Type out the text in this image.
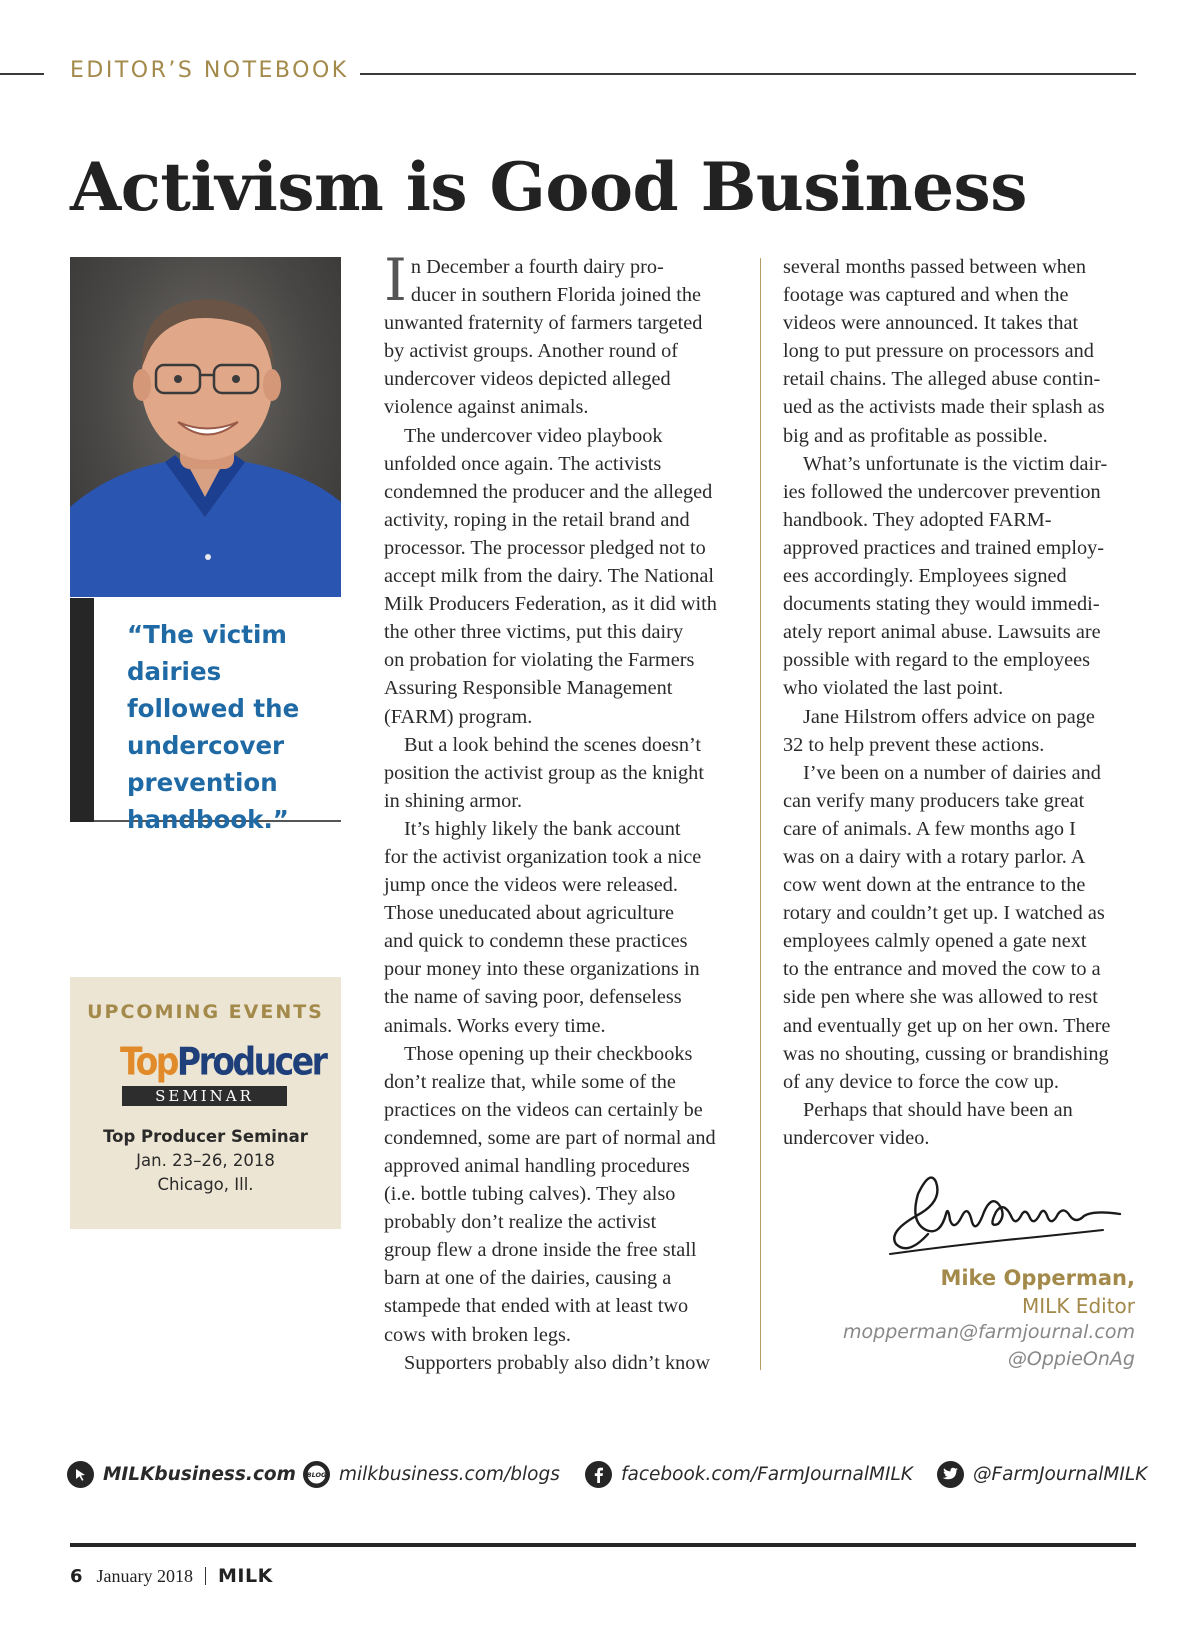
EDITOR’S NOTEBOOK
Activism is Good Business
“The victim dairies followed the undercover prevention handbook.”
UPCOMING EVENTS
TopProducer
SEMINAR
Top Producer Seminar
Jan. 23–26, 2018
Chicago, Ill.
I n December a fourth dairy pro-

ducer in southern Florida joined the

unwanted fraternity of farmers targeted

by activist groups. Another round of

undercover videos depicted alleged

violence against animals.

The undercover video playbook

unfolded once again. The activists

condemned the producer and the alleged

activity, roping in the retail brand and

processor. The processor pledged not to

accept milk from the dairy. The National

Milk Producers Federation, as it did with

the other three victims, put this dairy

on probation for violating the Farmers

Assuring Responsible Management

(FARM) program.

But a look behind the scenes doesn’t

position the activist group as the knight

in shining armor.

It’s highly likely the bank account

for the activist organization took a nice

jump once the videos were released.

Those uneducated about agriculture

and quick to condemn these practices

pour money into these organizations in

the name of saving poor, defenseless

animals. Works every time.

Those opening up their checkbooks

don’t realize that, while some of the

practices on the videos can certainly be

condemned, some are part of normal and

approved animal handling procedures

(i.e. bottle tubing calves). They also

probably don’t realize the activist

group flew a drone inside the free stall

barn at one of the dairies, causing a

stampede that ended with at least two

cows with broken legs.

Supporters probably also didn’t know

several months passed between when

footage was captured and when the

videos were announced. It takes that

long to put pressure on processors and

retail chains. The alleged abuse contin-

ued as the activists made their splash as

big and as profitable as possible.

What’s unfortunate is the victim dair-

ies followed the undercover prevention

handbook. They adopted FARM-

approved practices and trained employ-

ees accordingly. Employees signed

documents stating they would immedi-

ately report animal abuse. Lawsuits are

possible with regard to the employees

who violated the last point.

Jane Hilstrom offers advice on page

32 to help prevent these actions.

I’ve been on a number of dairies and

can verify many producers take great

care of animals. A few months ago I

was on a dairy with a rotary parlor. A

cow went down at the entrance to the

rotary and couldn’t get up. I watched as

employees calmly opened a gate next

to the entrance and moved the cow to a

side pen where she was allowed to rest

and eventually get up on her own. There

was no shouting, cussing or brandishing

of any device to force the cow up.

Perhaps that should have been an

undercover video.

Mike Opperman,
MILK Editor
mopperman@farmjournal.com
@OppieOnAg
MILKbusiness.com BLOG milkbusiness.com/blogs	facebook.com/FarmJournalMILK	@FarmJournalMILK
6 January 2018 MILK
